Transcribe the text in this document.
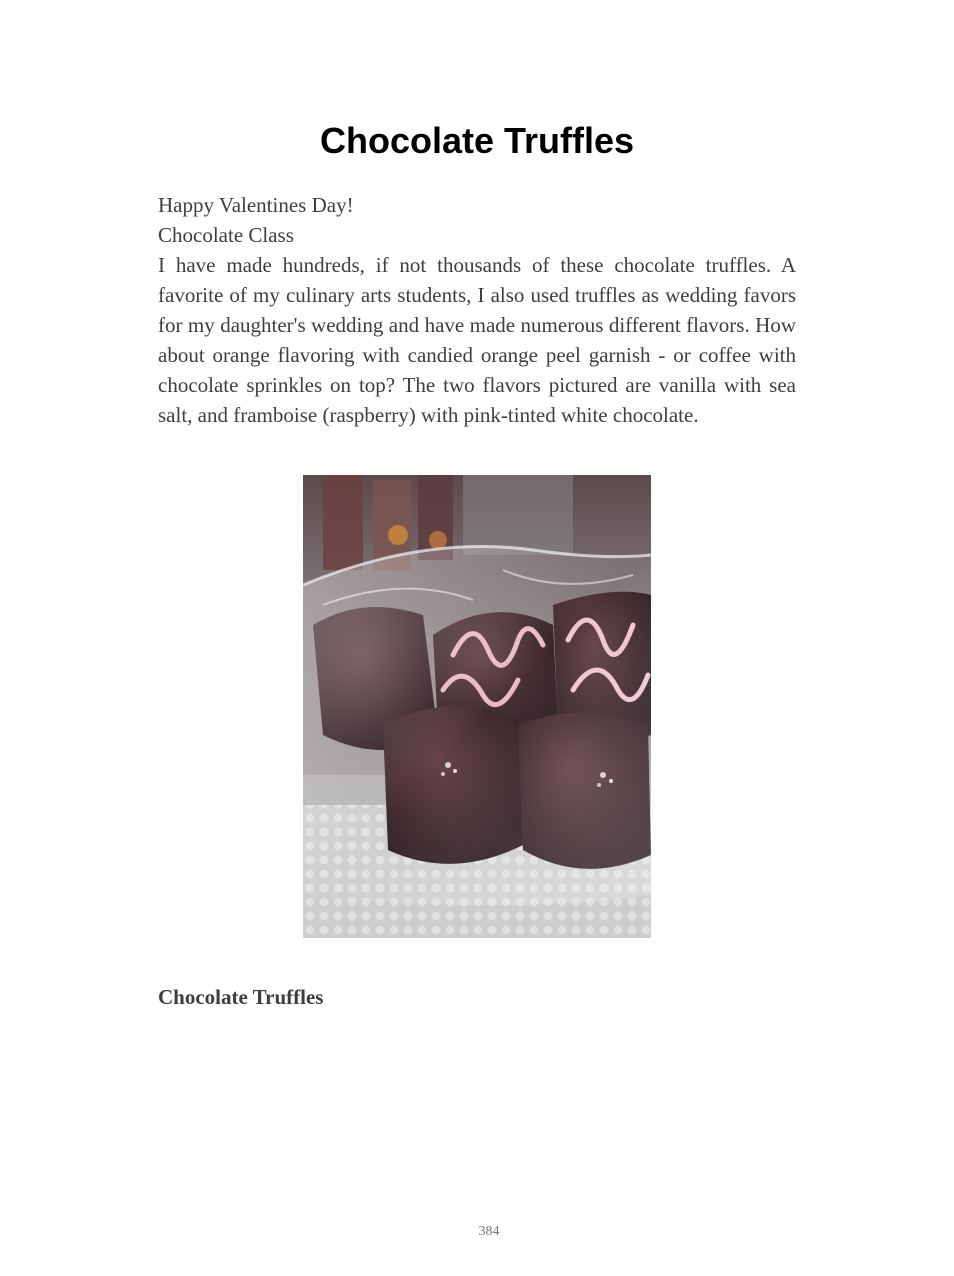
Chocolate Truffles

Happy Valentines Day!

Chocolate Class

I have made hundreds, if not thousands of these chocolate truffles. A favorite of my culinary arts students, I also used truffles as wedding favors for my daughter's wedding and have made numerous different flavors. How about orange flavoring with candied orange peel garnish - or coffee with chocolate sprinkles on top? The two flavors pictured are vanilla with sea salt, and framboise (raspberry) with pink-tinted white chocolate.

Chocolate Truffles
384
